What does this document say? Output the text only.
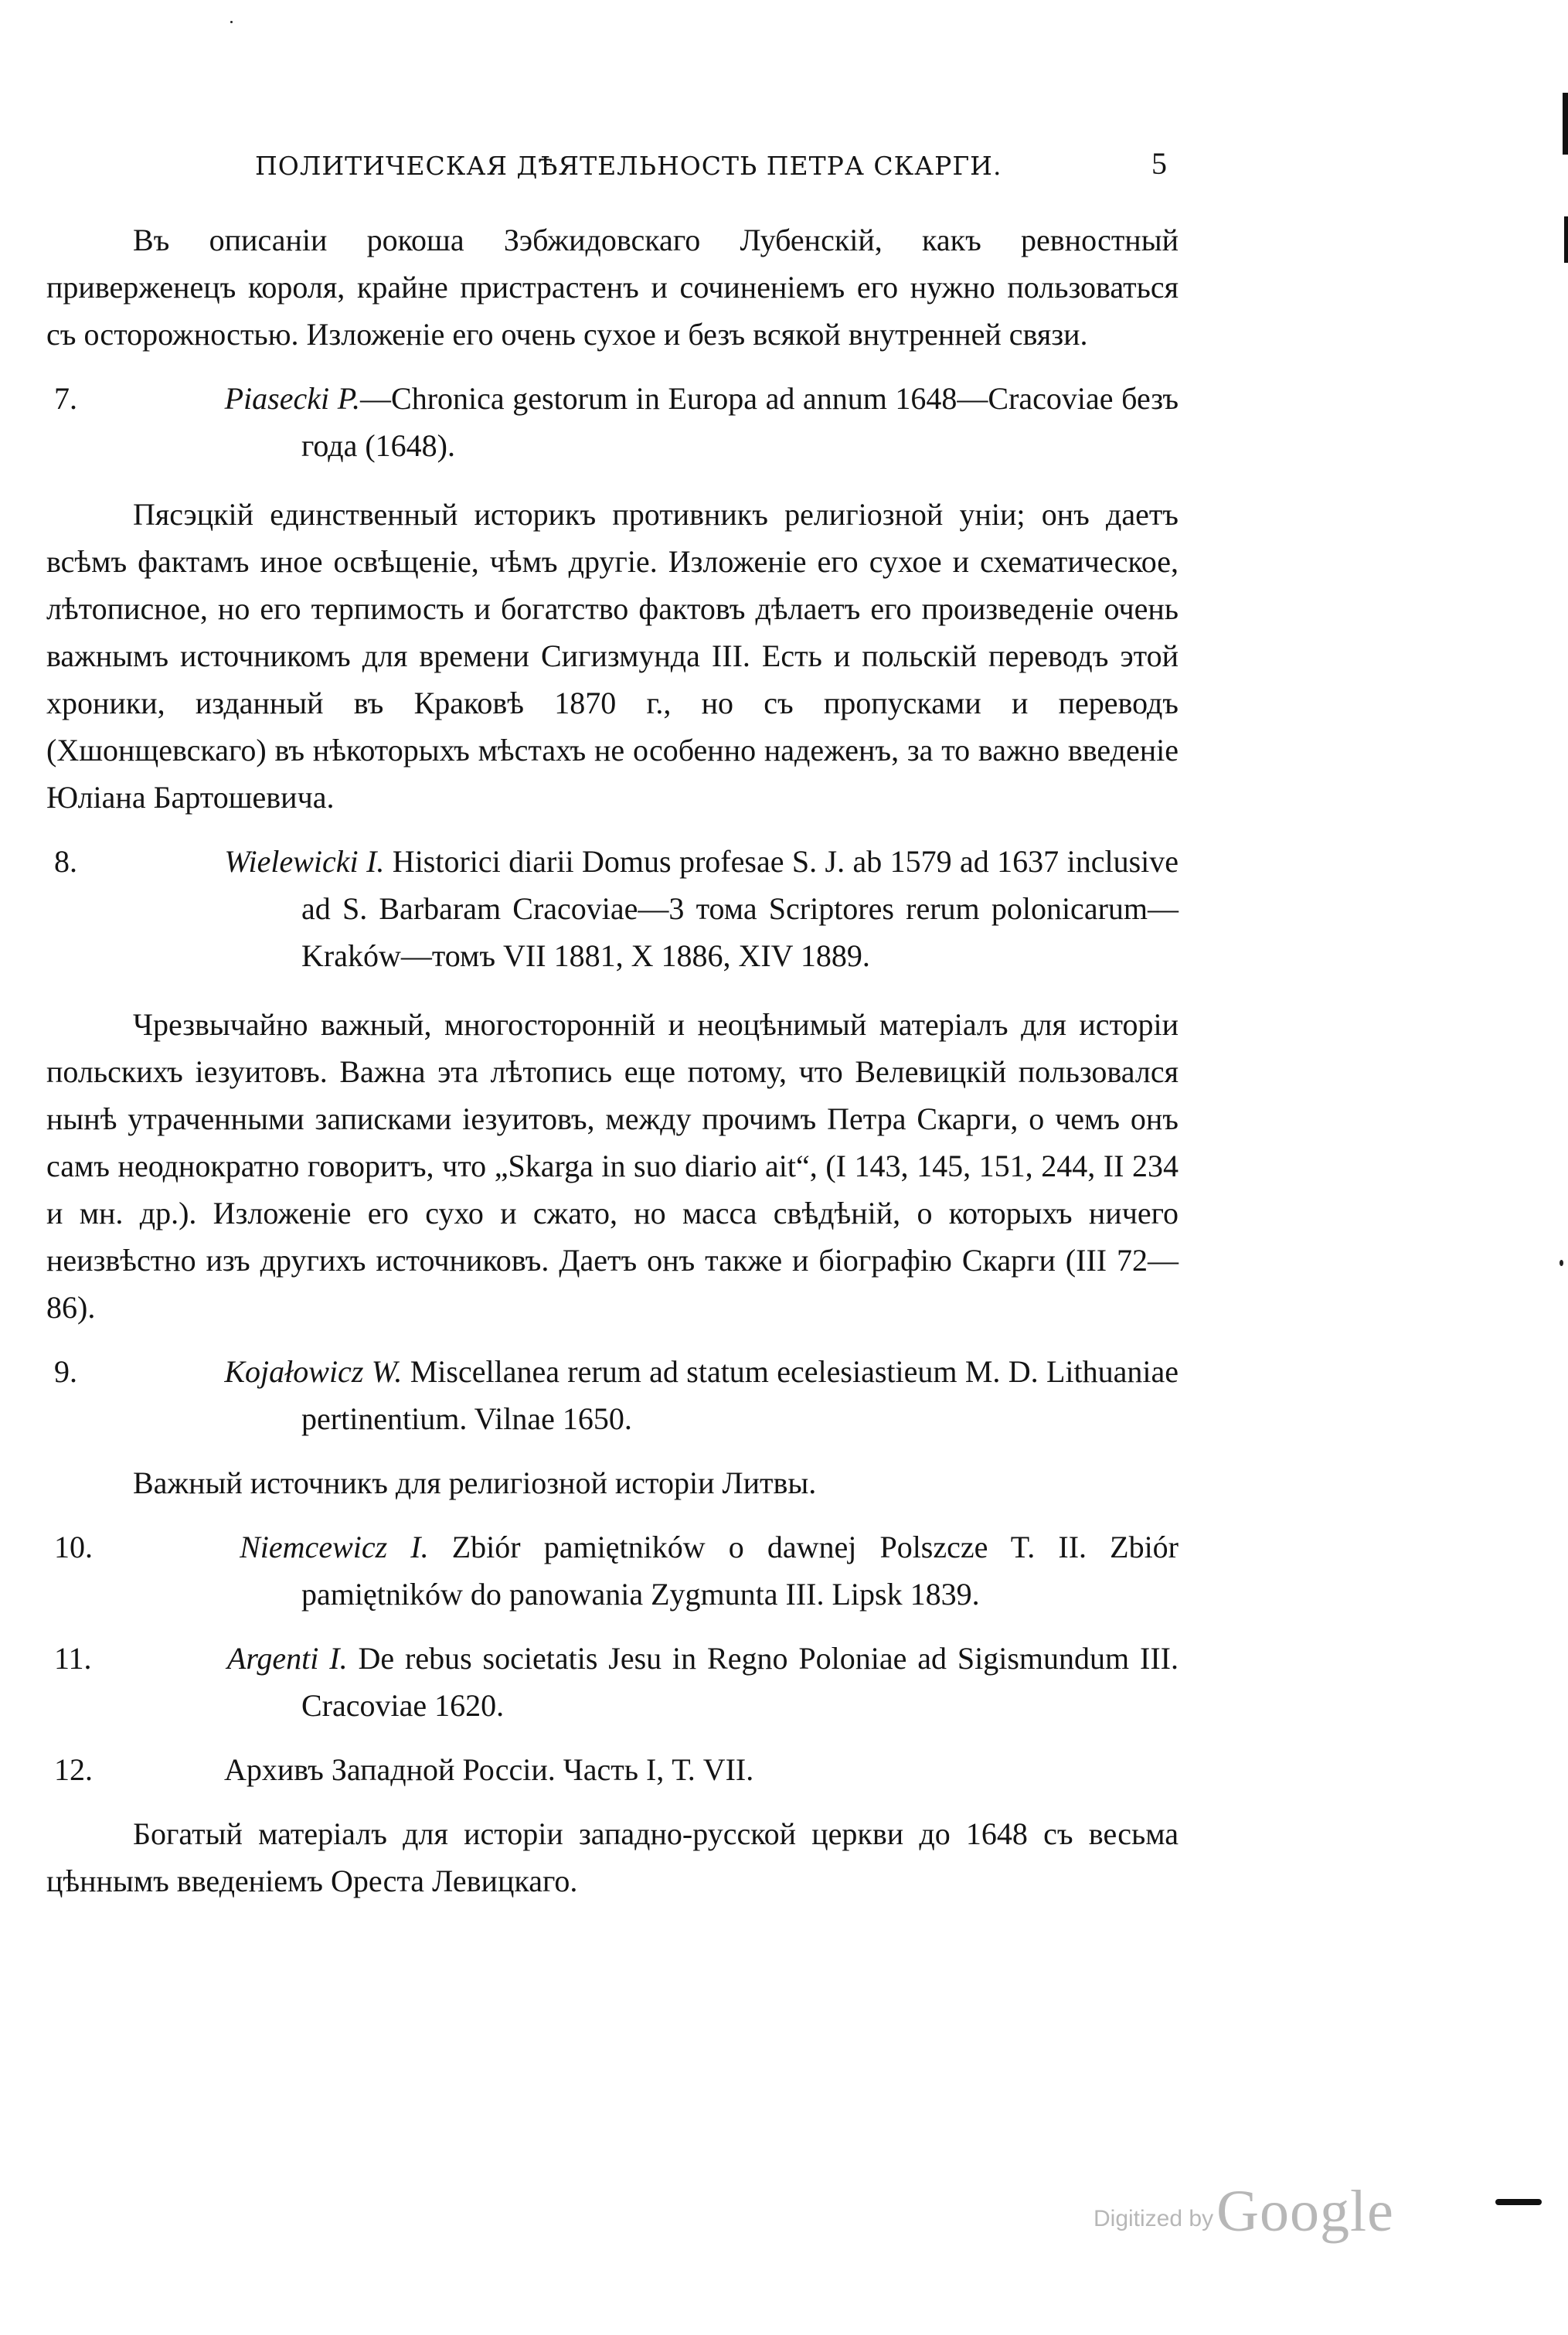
ПОЛИТИЧЕСКАЯ ДѢЯТЕЛЬНОСТЬ ПЕТРА СКАРГИ.	5

Въ описаніи рокоша Зэбжидовскаго Лубенскій, какъ ревностный приверженецъ короля, крайне пристрастенъ и сочиненіемъ его нужно пользоваться съ осторожностью. Изложеніе его очень сухое и безъ всякой внутренней связи.

7.	Piasecki P.—Chronica gestorum in Europa ad annum 1648—Cracoviae безъ года (1648).

Пясэцкій единственный историкъ противникъ религіозной уніи; онъ даетъ всѣмъ фактамъ иное освѣщеніе, чѣмъ другіе. Изложеніе его сухое и схематическое, лѣтописное, но его терпимость и богатство фактовъ дѣлаетъ его произведеніе очень важнымъ источникомъ для времени Сигизмунда III. Есть и польскій переводъ этой хроники, изданный въ Краковѣ 1870 г., но съ пропусками и переводъ (Хшонщевскаго) въ нѣкоторыхъ мѣстахъ не особенно надеженъ, за то важно введеніе Юліана Бартошевича.

8.	Wielewicki I. Historici diarii Domus profesae S. J. ab 1579 ad 1637 inclusive ad S. Barbaram Cracoviae—3 тома Scriptores rerum polonicarum—Kraków—томъ VII 1881, X 1886, XIV 1889.

Чрезвычайно важный, многосторонній и неоцѣнимый матеріалъ для исторіи польскихъ іезуитовъ. Важна эта лѣтопись еще потому, что Велевицкій пользовался нынѣ утраченными записками іезуитовъ, между прочимъ Петра Скарги, о чемъ онъ самъ неоднократно говоритъ, что „Skarga in suo diario ait“, (I 143, 145, 151, 244, II 234 и мн. др.). Изложеніе его сухо и сжато, но масса свѣдѣній, о которыхъ ничего неизвѣстно изъ другихъ источниковъ. Даетъ онъ также и біографію Скарги (III 72—86).

9.	Kojałowicz W. Miscellanea rerum ad statum ecelesiastieum M. D. Lithuaniae pertinentium. Vilnae 1650.

Важный источникъ для религіозной исторіи Литвы.

10.	Niemcewicz I. Zbiór pamiętników o dawnej Polszcze T. II. Zbiór pamiętników do panowania Zygmunta III. Lipsk 1839.

11.	Argenti I. De rebus societatis Jesu in Regno Poloniae ad Sigismundum III. Cracoviae 1620.

12.	Архивъ Западной Россіи. Часть I, Т. VII.

Богатый матеріалъ для исторіи западно-русской церкви до 1648 съ весьма цѣннымъ введеніемъ Ореста Левицкаго.

Digitized by Google
